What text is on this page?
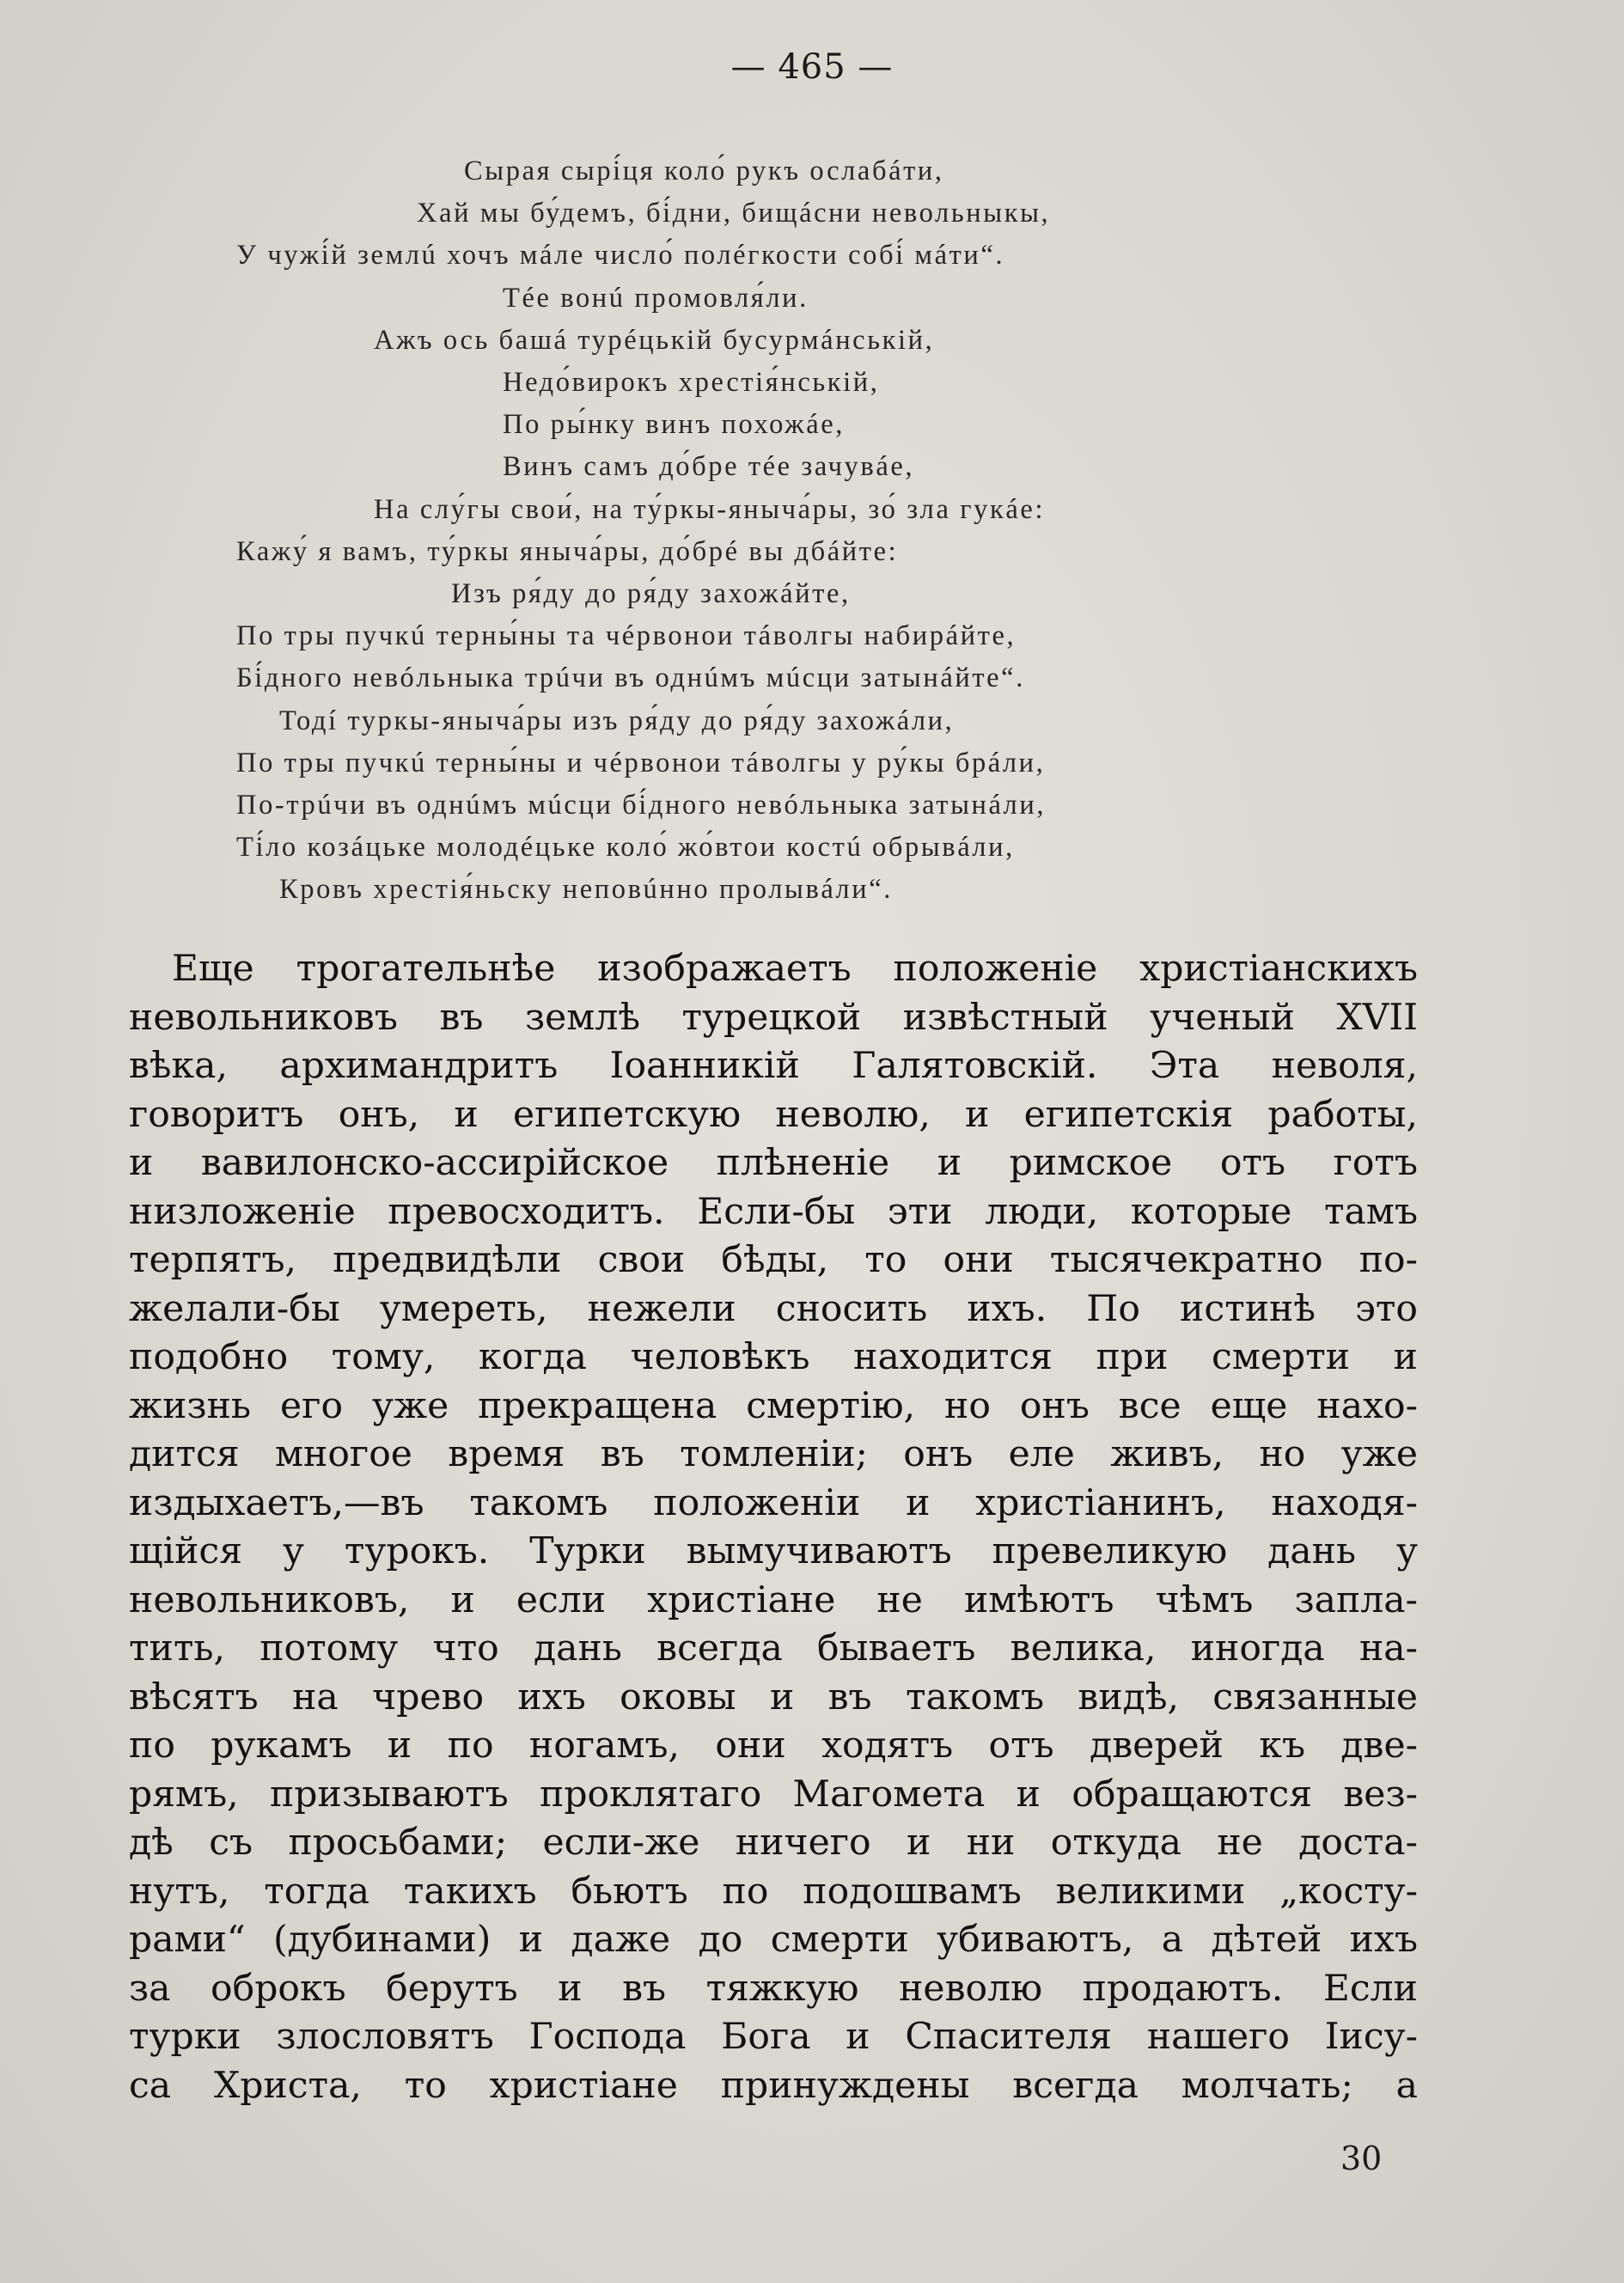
— 465 —
Сырая сырі́ця коло́ рукъ ослабáти,
Хай мы бу́демъ, бі́дни, бищáсни невольныкы,
У чужі́й землú хочъ мáле число́ полéгкости собі́ мáти“.
Тéе вонú промовля́ли.
Ажъ ось башá турéцькій бусурмáнській,
Недо́вирокъ хрестія́нській,
По ры́нку винъ похожáе,
Винъ самъ до́бре тéе зачувáе,
На слу́гы свои́, на ту́ркы-яныча́ры, зо́ зла гукáе:
Кажу́ я вамъ, ту́ркы яныча́ры, до́брé вы дбáйте:
Изъ ря́ду до ря́ду захожáйте,
По тры пучкú терны́ны та чéрвонои тáволгы набирáйте,
Бі́дного невóльныка трúчи въ однúмъ мúсци затынáйте“.
Тодí туркы-яныча́ры изъ ря́ду до ря́ду захожáли,
По тры пучкú терны́ны и чéрвонои тáволгы у ру́кы брáли,
По-трúчи въ однúмъ мúсци бі́дного невóльныка затынáли,
Ті́ло козáцьке молодéцьке коло́ жо́втои костú обрывáли,
Кровъ хрестія́ньску неповúнно пролывáли“.
Еще трогательнѣе изображаетъ положеніе христіанскихъ
невольниковъ въ землѣ турецкой извѣстный ученый XVII
вѣка, архимандритъ Іоанникій Галятовскій. Эта неволя,
говоритъ онъ, и египетскую неволю, и египетскія работы,
и вавилонско-ассирійское плѣненіе и римское отъ готъ
низложеніе превосходитъ. Если-бы эти люди, которые тамъ
терпятъ, предвидѣли свои бѣды, то они тысячекратно по-
желали-бы умереть, нежели сносить ихъ. По истинѣ это
подобно тому, когда человѣкъ находится при смерти и
жизнь его уже прекращена смертію, но онъ все еще нахо-
дится многое время въ томленіи; онъ еле живъ, но уже
издыхаетъ,—въ такомъ положеніи и христіанинъ, находя-
щійся у турокъ. Турки вымучиваютъ превеликую дань у
невольниковъ, и если христіане не имѣютъ чѣмъ запла-
тить, потому что дань всегда бываетъ велика, иногда на-
вѣсятъ на чрево ихъ оковы и въ такомъ видѣ, связанные
по рукамъ и по ногамъ, они ходятъ отъ дверей къ две-
рямъ, призываютъ проклятаго Магомета и обращаются вез-
дѣ съ просьбами; если-же ничего и ни откуда не доста-
нутъ, тогда такихъ бьютъ по подошвамъ великими „косту-
рами“ (дубинами) и даже до смерти убиваютъ, а дѣтей ихъ
за оброкъ берутъ и въ тяжкую неволю продаютъ. Если
турки злословятъ Господа Бога и Спасителя нашего Іису-
са Христа, то христіане принуждены всегда молчать; а
30
